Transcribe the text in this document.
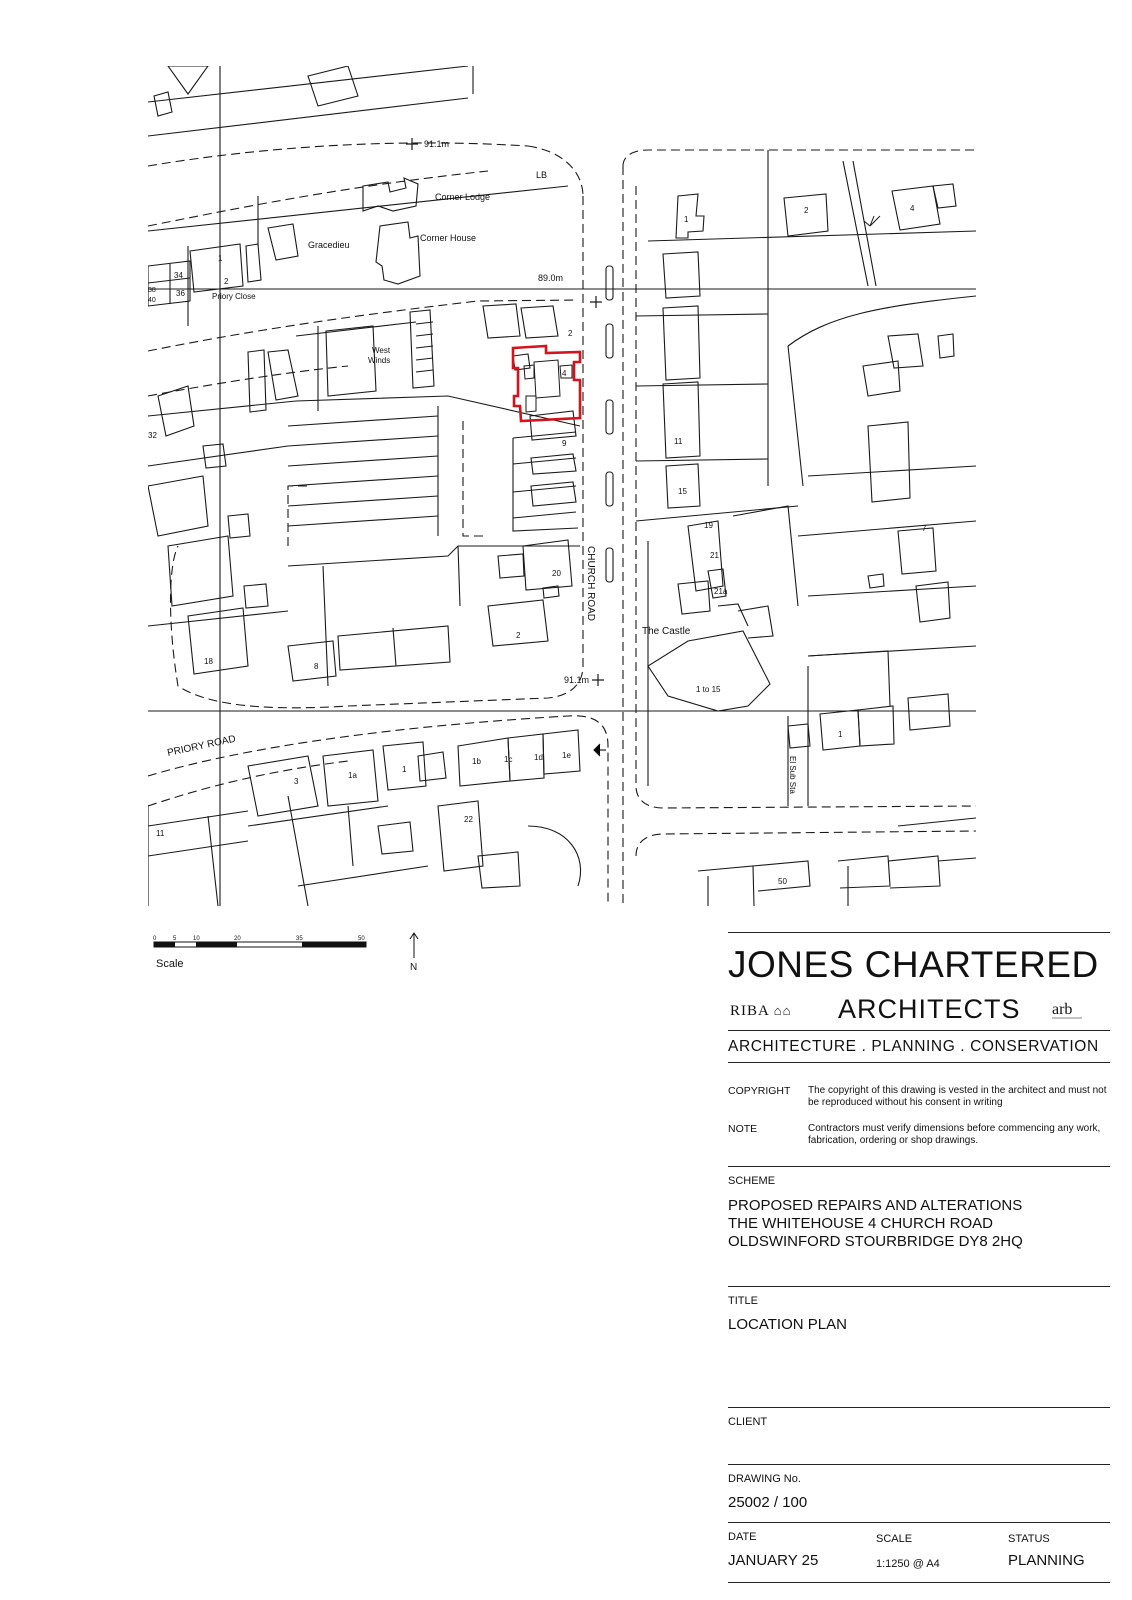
91.1m
89.0m
91.1m
LB
Corner Lodge
Corner House
Gracedieu
Priory Close
West
Winds
The Castle
CHURCH ROAD
PRIORY ROAD
El Sub Sta
34
36
38
40
1
2
1
2	4
2
4
9
20
2
8
11
15
19
21
21a
7
1 to 15
18
32
3
1a
1
1b	1c	1d 1e
22
11
50
1
0	5	10	20	35	50
Scale	N	JONES CHARTERED
RIBA ⌂⌂ ARCHITECTS arb
ARCHITECTURE . PLANNING . CONSERVATION
COPYRIGHT The copyright of this drawing is vested in the architect and must not be reproduced without his consent in writing
NOTE	Contractors must verify dimensions before commencing any work, fabrication, ordering or shop drawings.
SCHEME
PROPOSED REPAIRS AND ALTERATIONS
THE WHITEHOUSE 4 CHURCH ROAD
OLDSWINFORD STOURBRIDGE DY8 2HQ
TITLE
LOCATION PLAN
CLIENT
DRAWING No.
25002 / 100
DATE
JANUARY 25
SCALE
1:1250 @ A4
STATUS
PLANNING
